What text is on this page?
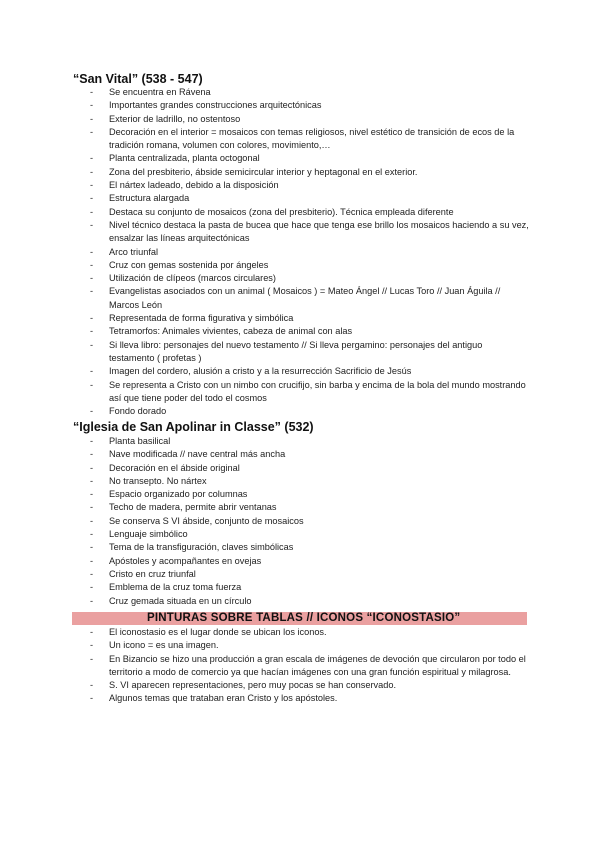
“San Vital” (538 - 547)
- Se encuentra en Rávena
- Importantes grandes construcciones arquitectónicas
- Exterior de ladrillo, no ostentoso
- Decoración en el interior = mosaicos con temas religiosos, nivel estético de transición de ecos de la tradición romana, volumen con colores, movimiento,…
- Planta centralizada, planta octogonal
- Zona del presbiterio, ábside semicircular interior y heptagonal en el exterior.
- El nártex ladeado, debido a la disposición
- Estructura alargada
- Destaca su conjunto de mosaicos (zona del presbiterio). Técnica empleada diferente
- Nivel técnico destaca la pasta de bucea que hace que tenga ese brillo los mosaicos haciendo a su vez, ensalzar las líneas arquitectónicas
- Arco triunfal
- Cruz con gemas sostenida por ángeles
- Utilización de clípeos (marcos circulares)
- Evangelistas asociados con un animal ( Mosaicos ) = Mateo Ángel // Lucas Toro // Juan Águila // Marcos León
- Representada de forma figurativa y simbólica
- Tetramorfos: Animales vivientes, cabeza de animal con alas
- Si lleva libro: personajes del nuevo testamento // Si lleva pergamino: personajes del antiguo testamento ( profetas )
- Imagen del cordero, alusión a cristo y a la resurrección Sacrificio de Jesús
- Se representa a Cristo con un nimbo con crucifijo, sin barba y encima de la bola del mundo mostrando así que tiene poder del todo el cosmos
- Fondo dorado
“Iglesia de San Apolinar in Classe” (532)
- Planta basilical
- Nave modificada // nave central más ancha
- Decoración en el ábside original
- No transepto. No nártex
- Espacio organizado por columnas
- Techo de madera, permite abrir ventanas
- Se conserva S VI ábside, conjunto de mosaicos
- Lenguaje simbólico
- Tema de la transfiguración, claves simbólicas
- Apóstoles y acompañantes en ovejas
- Cristo en cruz triunfal
- Emblema de la cruz toma fuerza
- Cruz gemada situada en un círculo
PINTURAS SOBRE TABLAS // ICONOS “ICONOSTASIO”
- El iconostasio es el lugar donde se ubican los iconos.
- Un icono = es una imagen.
- En Bizancio se hizo una producción a gran escala de imágenes de devoción que circularon por todo el territorio a modo de comercio ya que hacían imágenes con una gran función espiritual y milagrosa.
- S. VI aparecen representaciones, pero muy pocas se han conservado.
- Algunos temas que trataban eran Cristo y los apóstoles.
